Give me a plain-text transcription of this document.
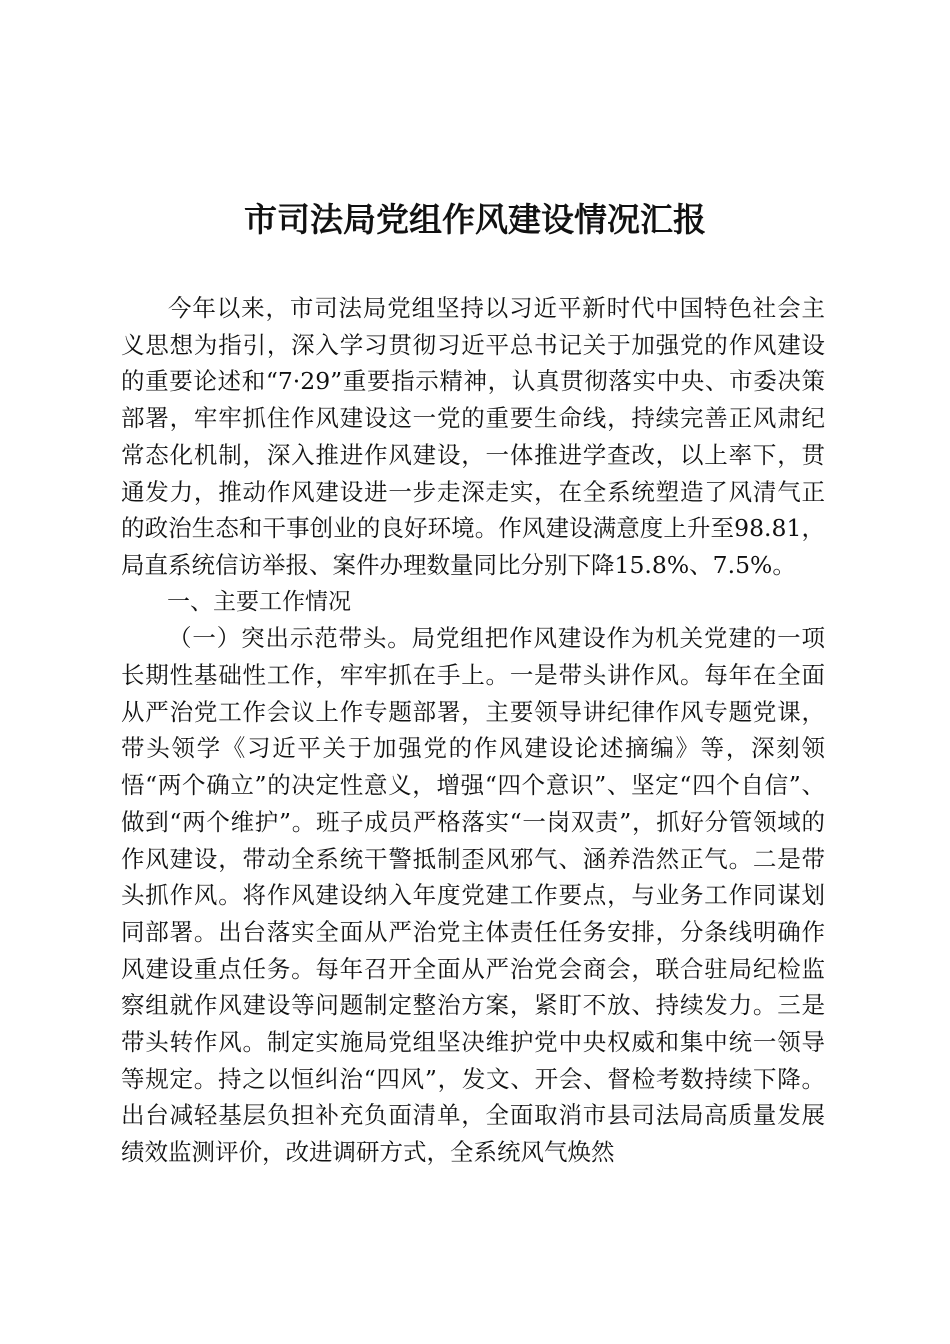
市司法局党组作风建设情况汇报

今年以来，市司法局党组坚持以习近平新时代中国特色社会主义思想为指引，深入学习贯彻习近平总书记关于加强党的作风建设的重要论述和“7·29”重要指示精神，认真贯彻落实中央、市委决策部署，牢牢抓住作风建设这一党的重要生命线，持续完善正风肃纪常态化机制，深入推进作风建设，一体推进学查改，以上率下，贯通发力，推动作风建设进一步走深走实，在全系统塑造了风清气正的政治生态和干事创业的良好环境。作风建设满意度上升至98.81，局直系统信访举报、案件办理数量同比分别下降15.8%、7.5%。

一、主要工作情况

（一）突出示范带头。局党组把作风建设作为机关党建的一项长期性基础性工作，牢牢抓在手上。一是带头讲作风。每年在全面从严治党工作会议上作专题部署，主要领导讲纪律作风专题党课，带头领学《习近平关于加强党的作风建设论述摘编》等，深刻领悟“两个确立”的决定性意义，增强“四个意识”、坚定“四个自信”、做到“两个维护”。班子成员严格落实“一岗双责”，抓好分管领域的作风建设，带动全系统干警抵制歪风邪气、涵养浩然正气。二是带头抓作风。将作风建设纳入年度党建工作要点，与业务工作同谋划同部署。出台落实全面从严治党主体责任任务安排，分条线明确作风建设重点任务。每年召开全面从严治党会商会，联合驻局纪检监察组就作风建设等问题制定整治方案，紧盯不放、持续发力。三是带头转作风。制定实施局党组坚决维护党中央权威和集中统一领导等规定。持之以恒纠治“四风”，发文、开会、督检考数持续下降。出台减轻基层负担补充负面清单，全面取消市县司法局高质量发展绩效监测评价，改进调研方式，全系统风气焕然
